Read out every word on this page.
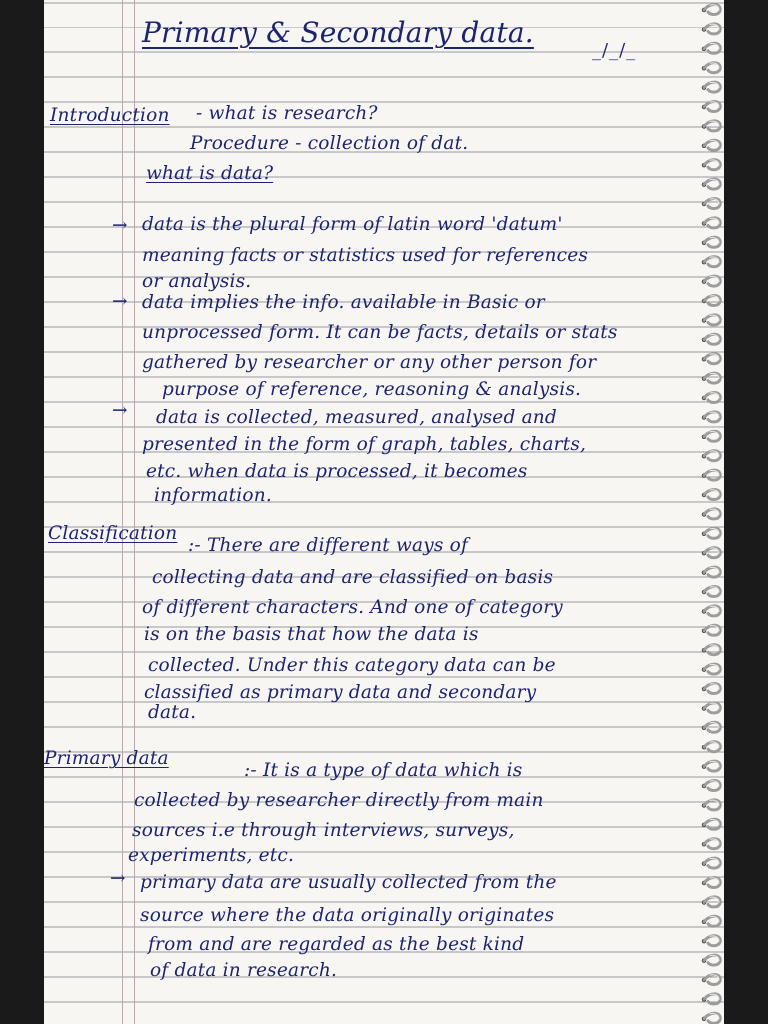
Primary & Secondary data.
_/_/_
Introduction - what is research?
Procedure - collection of dat.
what is data?
→ data is the plural form of latin word 'datum'
meaning facts or statistics used for references
or analysis.
→ data implies the info. available in Basic or
unprocessed form. It can be facts, details or stats
gathered by researcher or any other person for
purpose of reference, reasoning & analysis.
→ data is collected, measured, analysed and
presented in the form of graph, tables, charts,
etc. when data is processed, it becomes
information.
Classification
:- There are different ways of
collecting data and are classified on basis
of different characters. And one of category
is on the basis that how the data is
collected. Under this category data can be
classified as primary data and secondary
data.
Primary data
:- It is a type of data which is
collected by researcher directly from main
sources i.e through interviews, surveys,
experiments, etc.
→ primary data are usually collected from the
source where the data originally originates
from and are regarded as the best kind
of data in research.
